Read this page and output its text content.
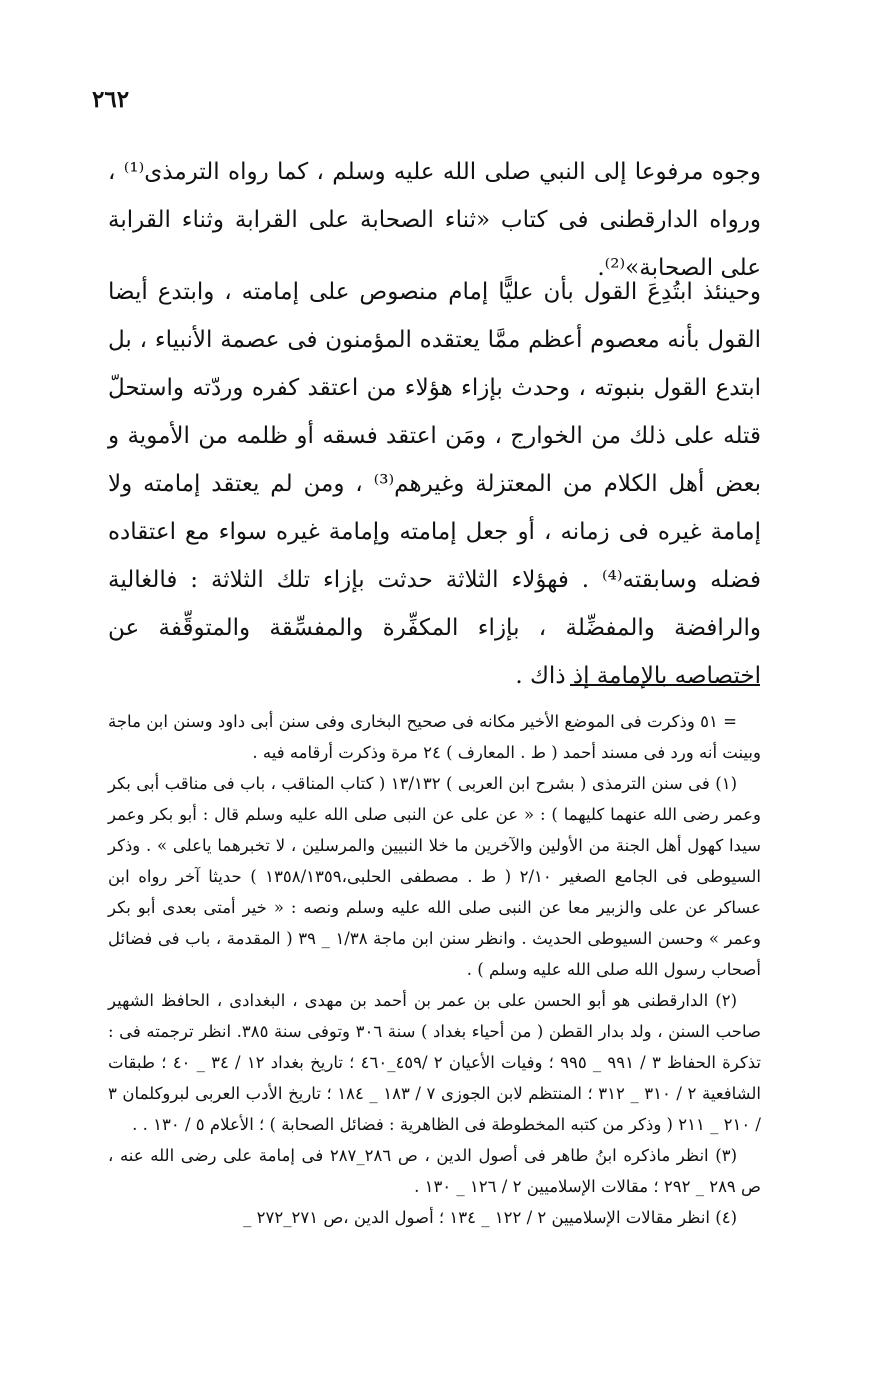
٢٦٢

وجوه مرفوعا إلى النبي صلى الله عليه وسلم ، كما رواه الترمذى⁽¹⁾ ، ورواه الدارقطنى فى كتاب «ثناء الصحابة على القرابة وثناء القرابة على الصحابة»⁽²⁾.

وحينئذ ابتُدِعَ القول بأن عليًّا إمام منصوص على إمامته ، وابتدع أيضا القول بأنه معصوم أعظم ممَّا يعتقده المؤمنون فى عصمة الأنبياء ، بل ابتدع القول بنبوته ، وحدث بإزاء هؤلاء من اعتقد كفره وردّته واستحلّ قتله على ذلك من الخوارج ، ومَن اعتقد فسقه أو ظلمه من الأموية و بعض أهل الكلام من المعتزلة وغيرهم⁽³⁾ ، ومن لم يعتقد إمامته ولا إمامة غيره فى زمانه ، أو جعل إمامته وإمامة غيره سواء مع اعتقاده فضله وسابقته⁽⁴⁾ . فهؤلاء الثلاثة حدثت بإزاء تلك الثلاثة : فالغالية والرافضة والمفضِّلة ، بإزاء المكفِّرة والمفسِّقة والمتوقِّفة عن اختصاصه بالإمامة إذ ذاك .

= ٥١ وذكرت فى الموضع الأخير مكانه فى صحيح البخارى وفى سنن أبى داود وسنن ابن ماجة وبينت أنه ورد فى مسند أحمد ( ط . المعارف ) ٢٤ مرة وذكرت أرقامه فيه .

(١) فى سنن الترمذى ( بشرح ابن العربى ) ١٣/١٣٢ ( كتاب المناقب ، باب فى مناقب أبى بكر وعمر رضى الله عنهما كليهما ) : « عن على عن النبى صلى الله عليه وسلم قال : أبو بكر وعمر سيدا كهول أهل الجنة من الأولين والآخرين ما خلا النبيين والمرسلين ، لا تخبرهما ياعلى » . وذكر السيوطى فى الجامع الصغير ٢/١٠ ( ط . مصطفى الحلبى،١٣٥٨/١٣٥٩ ) حديثا آخر رواه ابن عساكر عن على والزبير معا عن النبى صلى الله عليه وسلم ونصه : « خير أمتى بعدى أبو بكر وعمر » وحسن السيوطى الحديث . وانظر سنن ابن ماجة ١/٣٨ _ ٣٩ ( المقدمة ، باب فى فضائل أصحاب رسول الله صلى الله عليه وسلم ) .

(٢) الدارقطنى هو أبو الحسن على بن عمر بن أحمد بن مهدى ، البغدادى ، الحافظ الشهير صاحب السنن ، ولد بدار القطن ( من أحياء بغداد ) سنة ٣٠٦ وتوفى سنة ٣٨٥. انظر ترجمته فى : تذكرة الحفاظ ٣ / ٩٩١ _ ٩٩٥ ؛ وفيات الأعيان ٢ /٤٥٩_٤٦٠ ؛ تاريخ بغداد ١٢ / ٣٤ _ ٤٠ ؛ طبقات الشافعية ٢ / ٣١٠ _ ٣١٢ ؛ المنتظم لابن الجوزى ٧ / ١٨٣ _ ١٨٤ ؛ تاريخ الأدب العربى لبروكلمان ٣ / ٢١٠ _ ٢١١ ( وذكر من كتبه المخطوطة فى الظاهرية : فضائل الصحابة ) ؛ الأعلام ٥ / ١٣٠ . .

(٣) انظر ماذكره ابنُ طاهر فى أصول الدين ، ص ٢٨٦_٢٨٧ فى إمامة على رضى الله عنه ، ص ٢٨٩ _ ٢٩٢ ؛ مقالات الإسلاميين ٢ / ١٢٦ _ ١٣٠ .

(٤) انظر مقالات الإسلاميين ٢ / ١٢٢ _ ١٣٤ ؛ أصول الدين ،ص ٢٧١_٢٧٢ _
